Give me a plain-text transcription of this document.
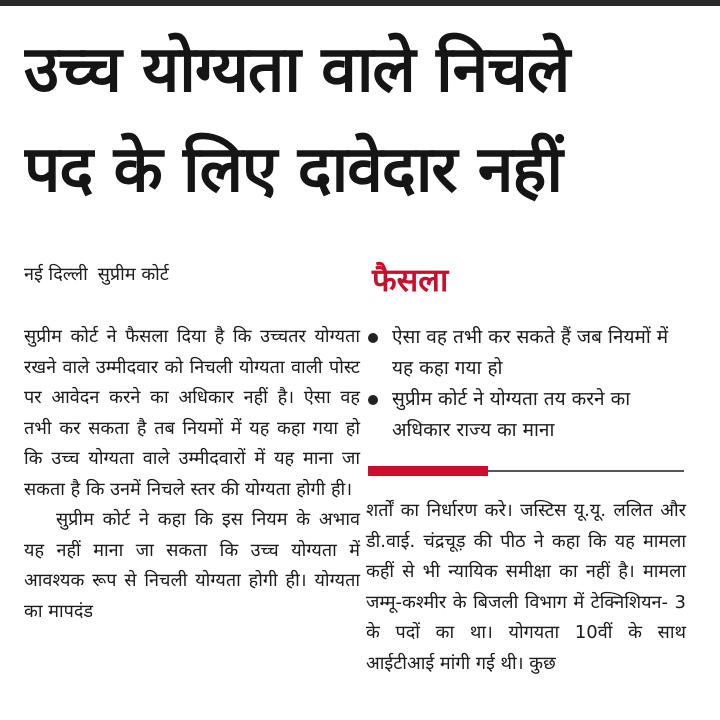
उच्च योग्यता वाले निचले
पद के लिए दावेदार नहीं
नई दिल्ली सुप्रीम कोर्ट	फैसला

सुप्रीम कोर्ट ने फैसला दिया है कि उच्चतर योग्यता रखने वाले उम्मीदवार को निचली योग्यता वाली पोस्ट पर आवेदन करने का अधिकार नहीं है। ऐसा वह तभी कर सकता है तब नियमों में यह कहा गया हो कि उच्च योग्यता वाले उम्मीदवारों में यह माना जा सकता है कि उनमें निचले स्तर की योग्यता होगी ही।

सुप्रीम कोर्ट ने कहा कि इस नियम के अभाव यह नहीं माना जा सकता कि उच्च योग्यता में आवश्यक रूप से निचली योग्यता होगी ही। योग्यता का मापदंड

ऐसा वह तभी कर सकते हैं जब नियमों में यह कहा गया हो
सुप्रीम कोर्ट ने योग्यता तय करने का अधिकार राज्य का माना

शर्तों का निर्धारण करे। जस्टिस यू.यू. ललित और डी.वाई. चंद्रचूड़ की पीठ ने कहा कि यह मामला कहीं से भी न्यायिक समीक्षा का नहीं है। मामला जम्मू-कश्मीर के बिजली विभाग में टेक्निशियन- 3 के पदों का था। योगयता 10वीं के साथ आईटीआई मांगी गई थी। कुछ
